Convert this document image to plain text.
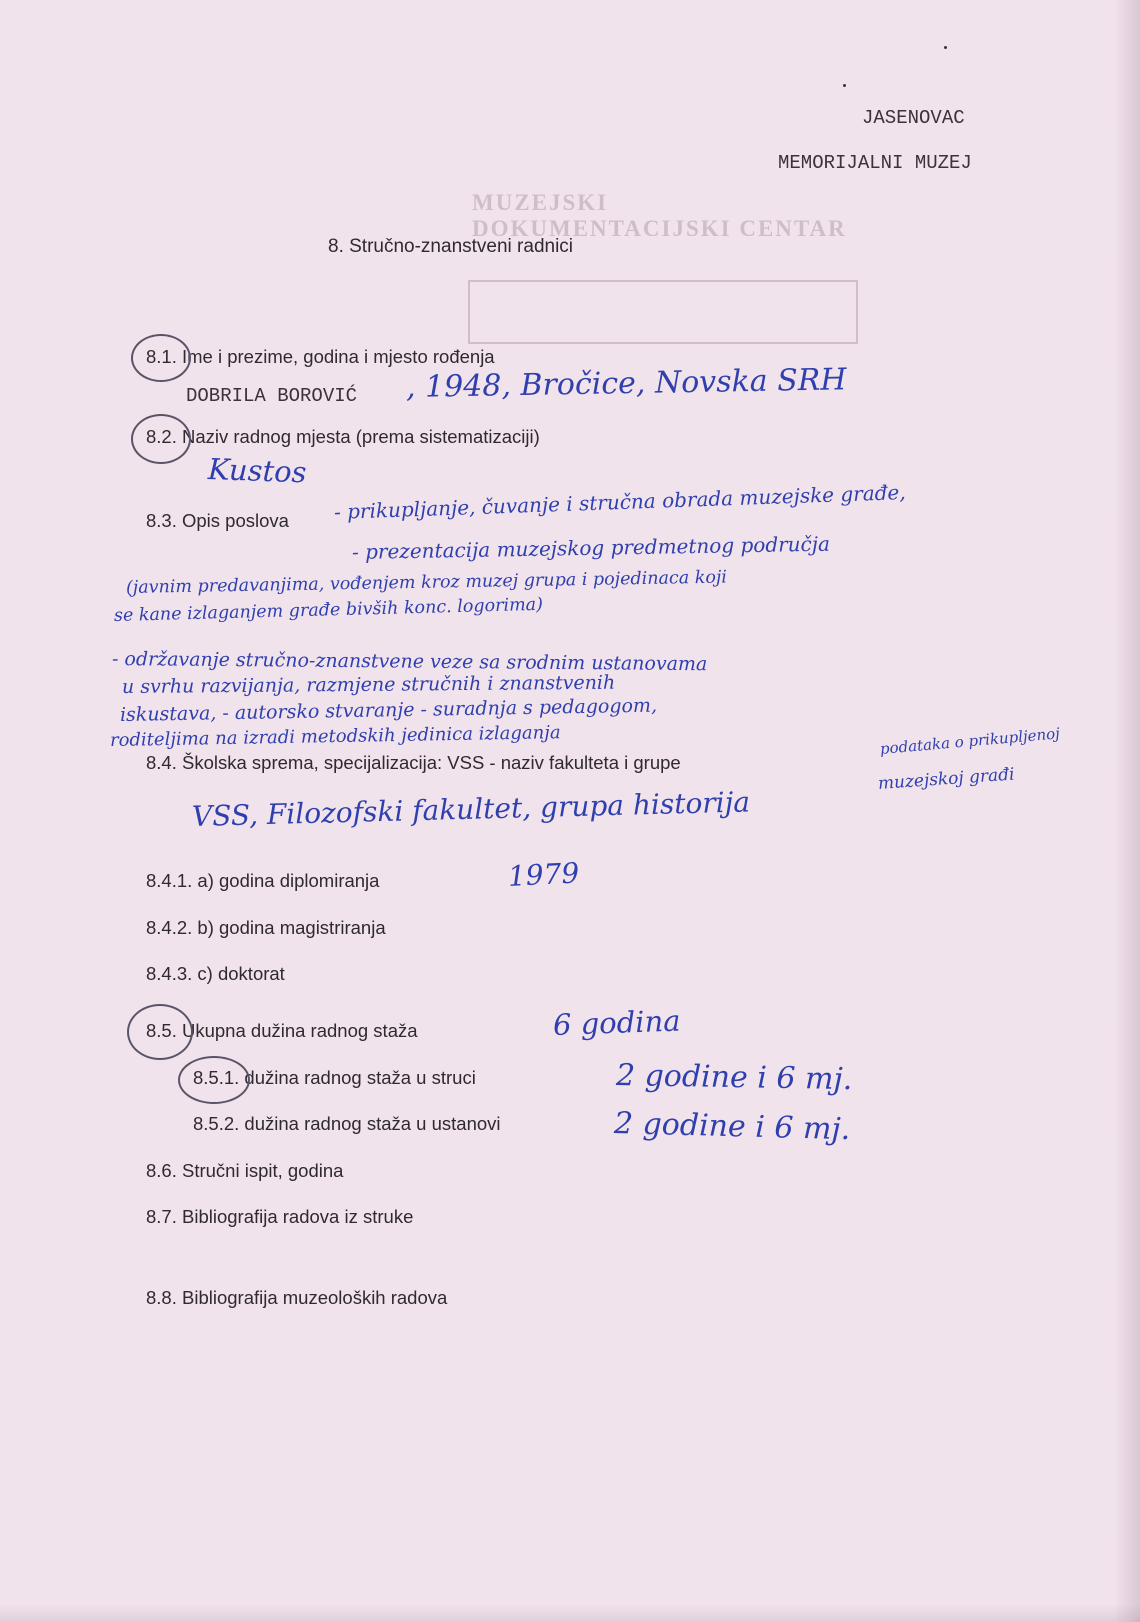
MUZEJSKI DOKUMENTACIJSKI CENTAR
JASENOVAC
MEMORIJALNI MUZEJ
8. Stručno-znanstveni radnici
8.1. Ime i prezime, godina i mjesto rođenja
DOBRILA BOROVIĆ , 1948, Bročice, Novska SRH
8.2. Naziv radnog mjesta (prema sistematizaciji)
Kustos
8.3. Opis poslova - prikupljanje, čuvanje i stručna obrada muzejske građe,
- prezentacija muzejskog predmetnog područja
(javnim predavanjima, vođenjem kroz muzej grupa i pojedinaca koji
se kane izlaganjem građe bivših konc. logorima)
- održavanje stručno-znanstvene veze sa srodnim ustanovama
u svrhu razvijanja, razmjene stručnih i znanstvenih
iskustava, - autorsko stvaranje - suradnja s pedagogom,
roditeljima na izradi metodskih jedinica izlaganja	podataka o prikupljenoj
muzejskoj građi
8.4. Školska sprema, specijalizacija: VSS - naziv fakulteta i grupe
VSS, Filozofski fakultet, grupa historija
8.4.1. a) godina diplomiranja	1979
8.4.2. b) godina magistriranja
8.4.3. c) doktorat
8.5. Ukupna dužina radnog staža	6 godina
8.5.1. dužina radnog staža u struci	2 godine i 6 mj.
8.5.2. dužina radnog staža u ustanovi	2 godine i 6 mj.
8.6. Stručni ispit, godina
8.7. Bibliografija radova iz struke
8.8. Bibliografija muzeoloških radova
